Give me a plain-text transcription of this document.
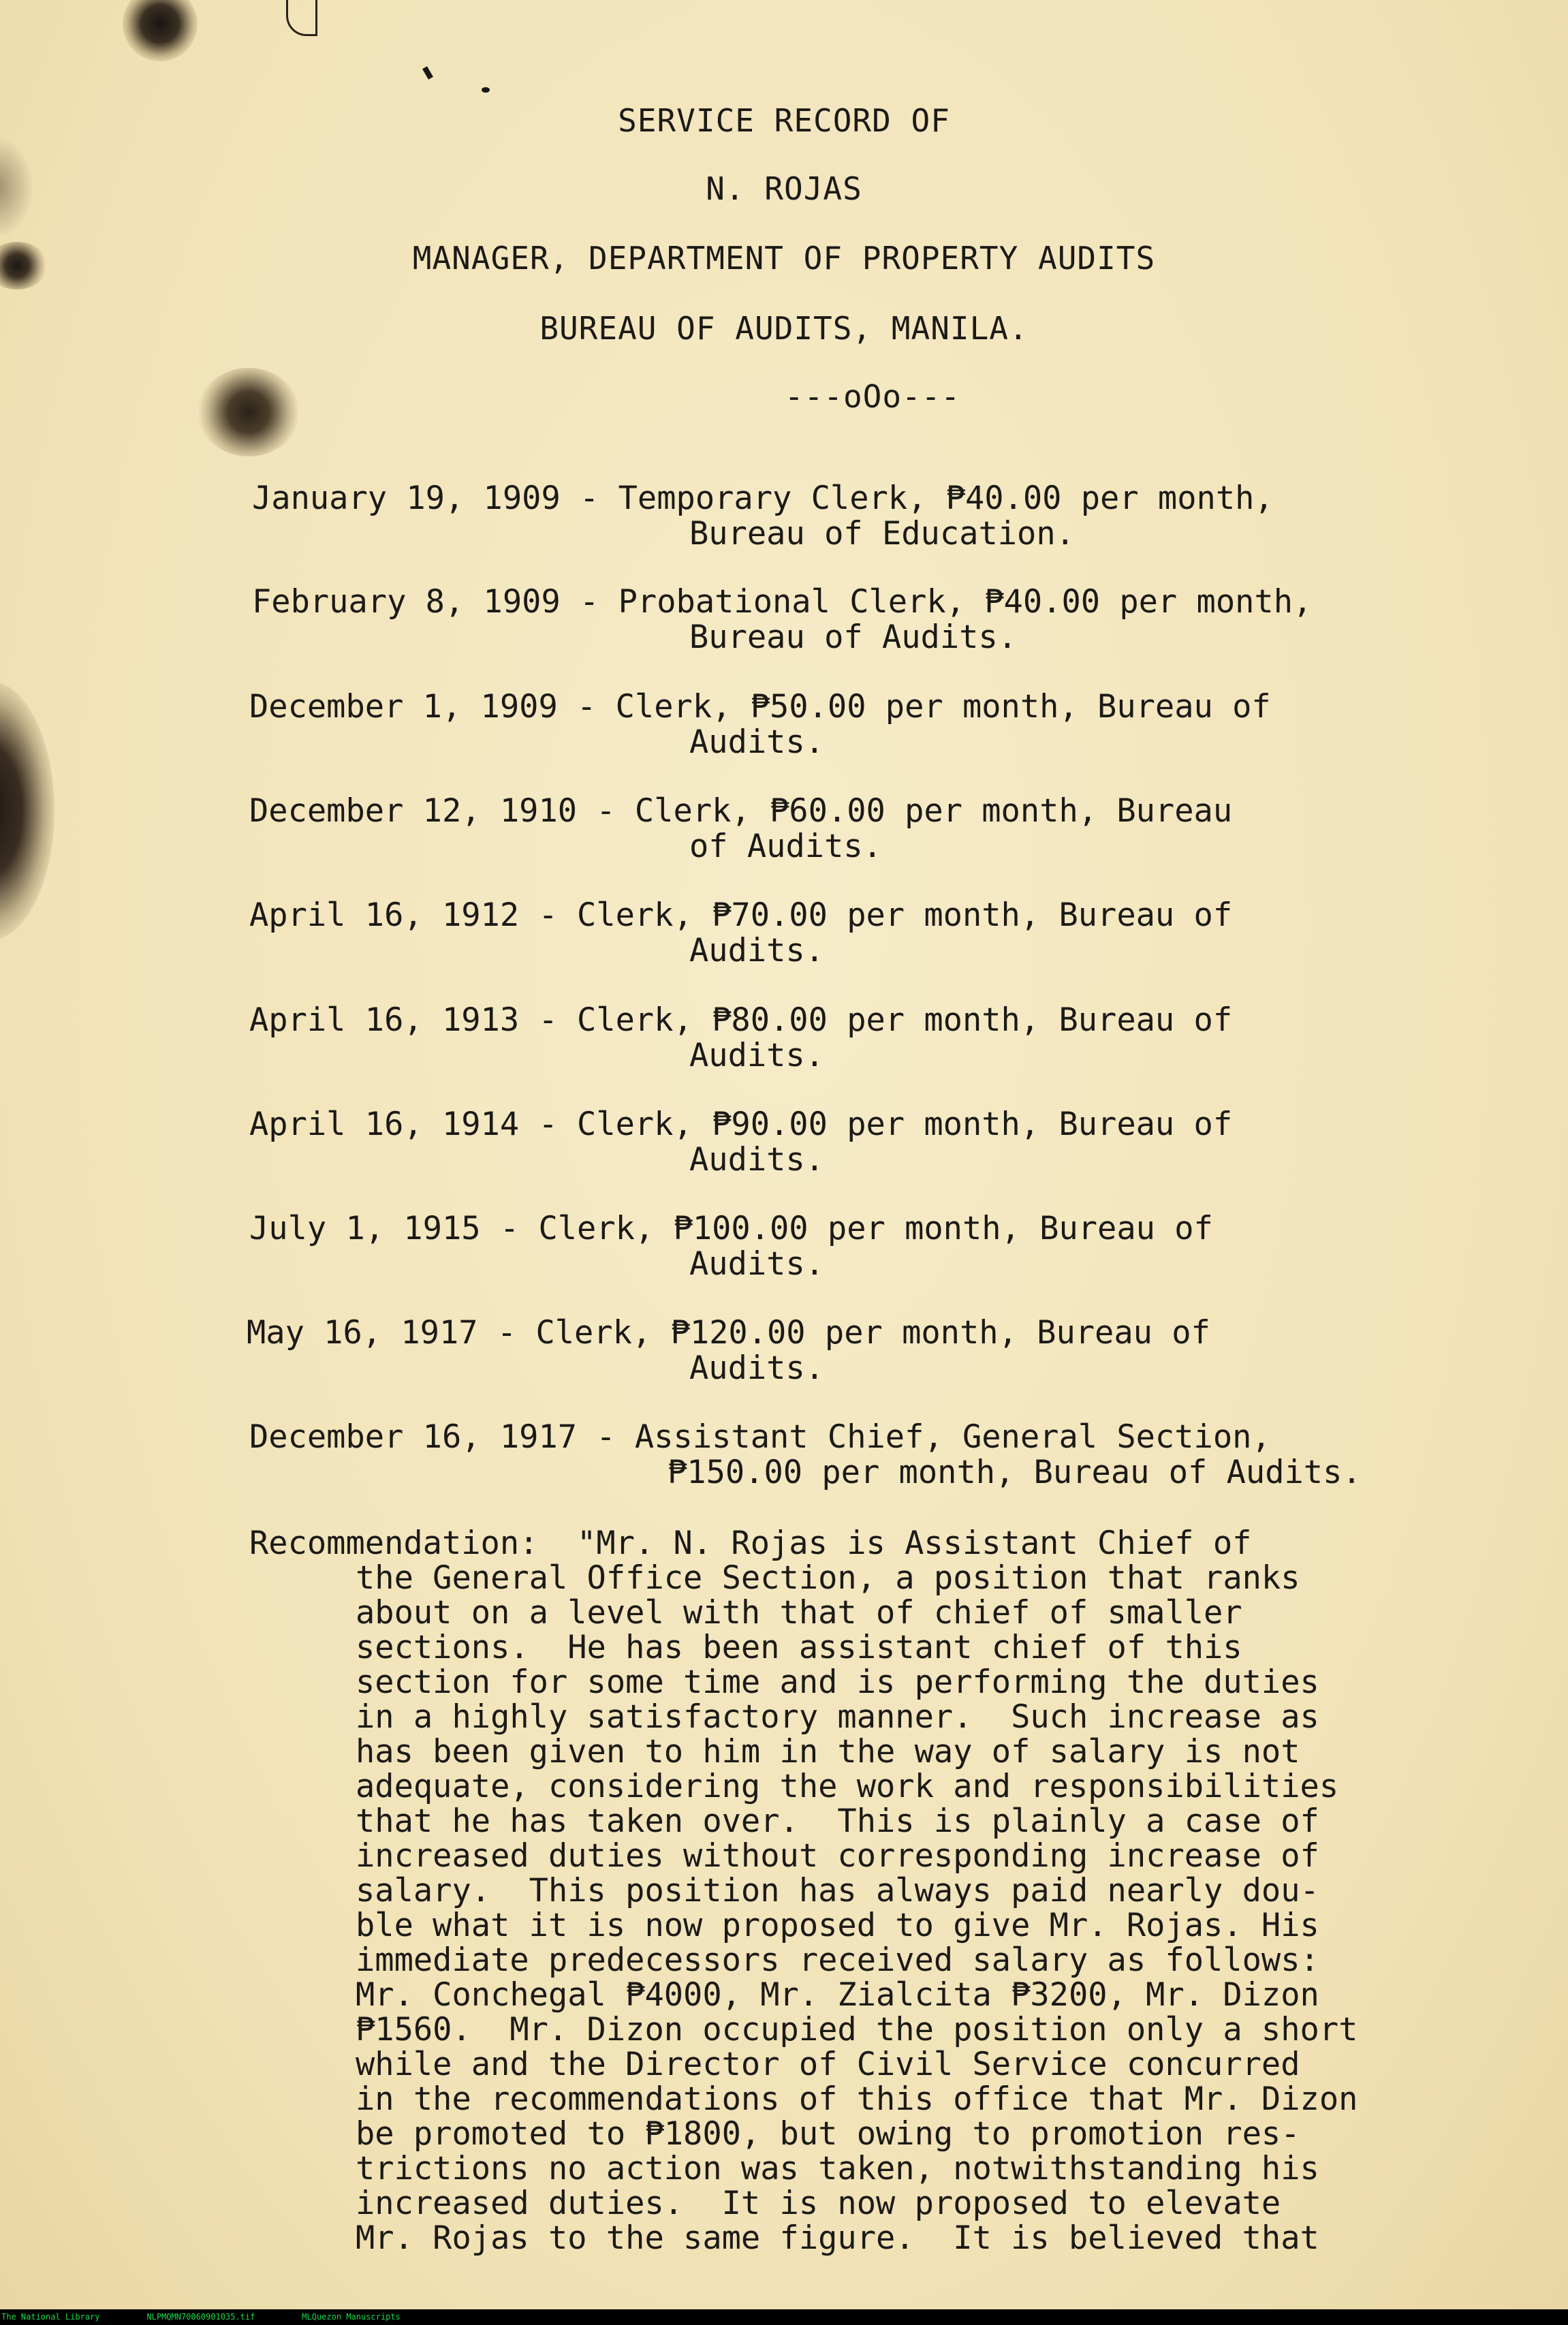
SERVICE RECORD OF
N. ROJAS
MANAGER, DEPARTMENT OF PROPERTY AUDITS
BUREAU OF AUDITS, MANILA.
---oOo---
January 19, 1909 - Temporary Clerk, ₱40.00 per month,
Bureau of Education.
February 8, 1909 - Probational Clerk, ₱40.00 per month,
Bureau of Audits.
December 1, 1909 - Clerk, ₱50.00 per month, Bureau of
Audits.
December 12, 1910 - Clerk, ₱60.00 per month, Bureau
of Audits.
April 16, 1912 - Clerk, ₱70.00 per month, Bureau of
Audits.
April 16, 1913 - Clerk, ₱80.00 per month, Bureau of
Audits.
April 16, 1914 - Clerk, ₱90.00 per month, Bureau of
Audits.
July 1, 1915 - Clerk, ₱100.00 per month, Bureau of
Audits.
May 16, 1917 - Clerk, ₱120.00 per month, Bureau of
Audits.
December 16, 1917 - Assistant Chief, General Section,
₱150.00 per month, Bureau of Audits.
Recommendation:  "Mr. N. Rojas is Assistant Chief of
the General Office Section, a position that ranks
about on a level with that of chief of smaller
sections.  He has been assistant chief of this
section for some time and is performing the duties
in a highly satisfactory manner.  Such increase as
has been given to him in the way of salary is not
adequate, considering the work and responsibilities
that he has taken over.  This is plainly a case of
increased duties without corresponding increase of
salary.  This position has always paid nearly dou-
ble what it is now proposed to give Mr. Rojas. His
immediate predecessors received salary as follows:
Mr. Conchegal ₱4000, Mr. Zialcita ₱3200, Mr. Dizon
₱1560.  Mr. Dizon occupied the position only a short
while and the Director of Civil Service concurred
in the recommendations of this office that Mr. Dizon
be promoted to ₱1800, but owing to promotion res-
trictions no action was taken, notwithstanding his
increased duties.  It is now proposed to elevate
Mr. Rojas to the same figure.  It is believed that
The National Library	NLPMQMN70060901035.tif	MLQuezon Manuscripts
